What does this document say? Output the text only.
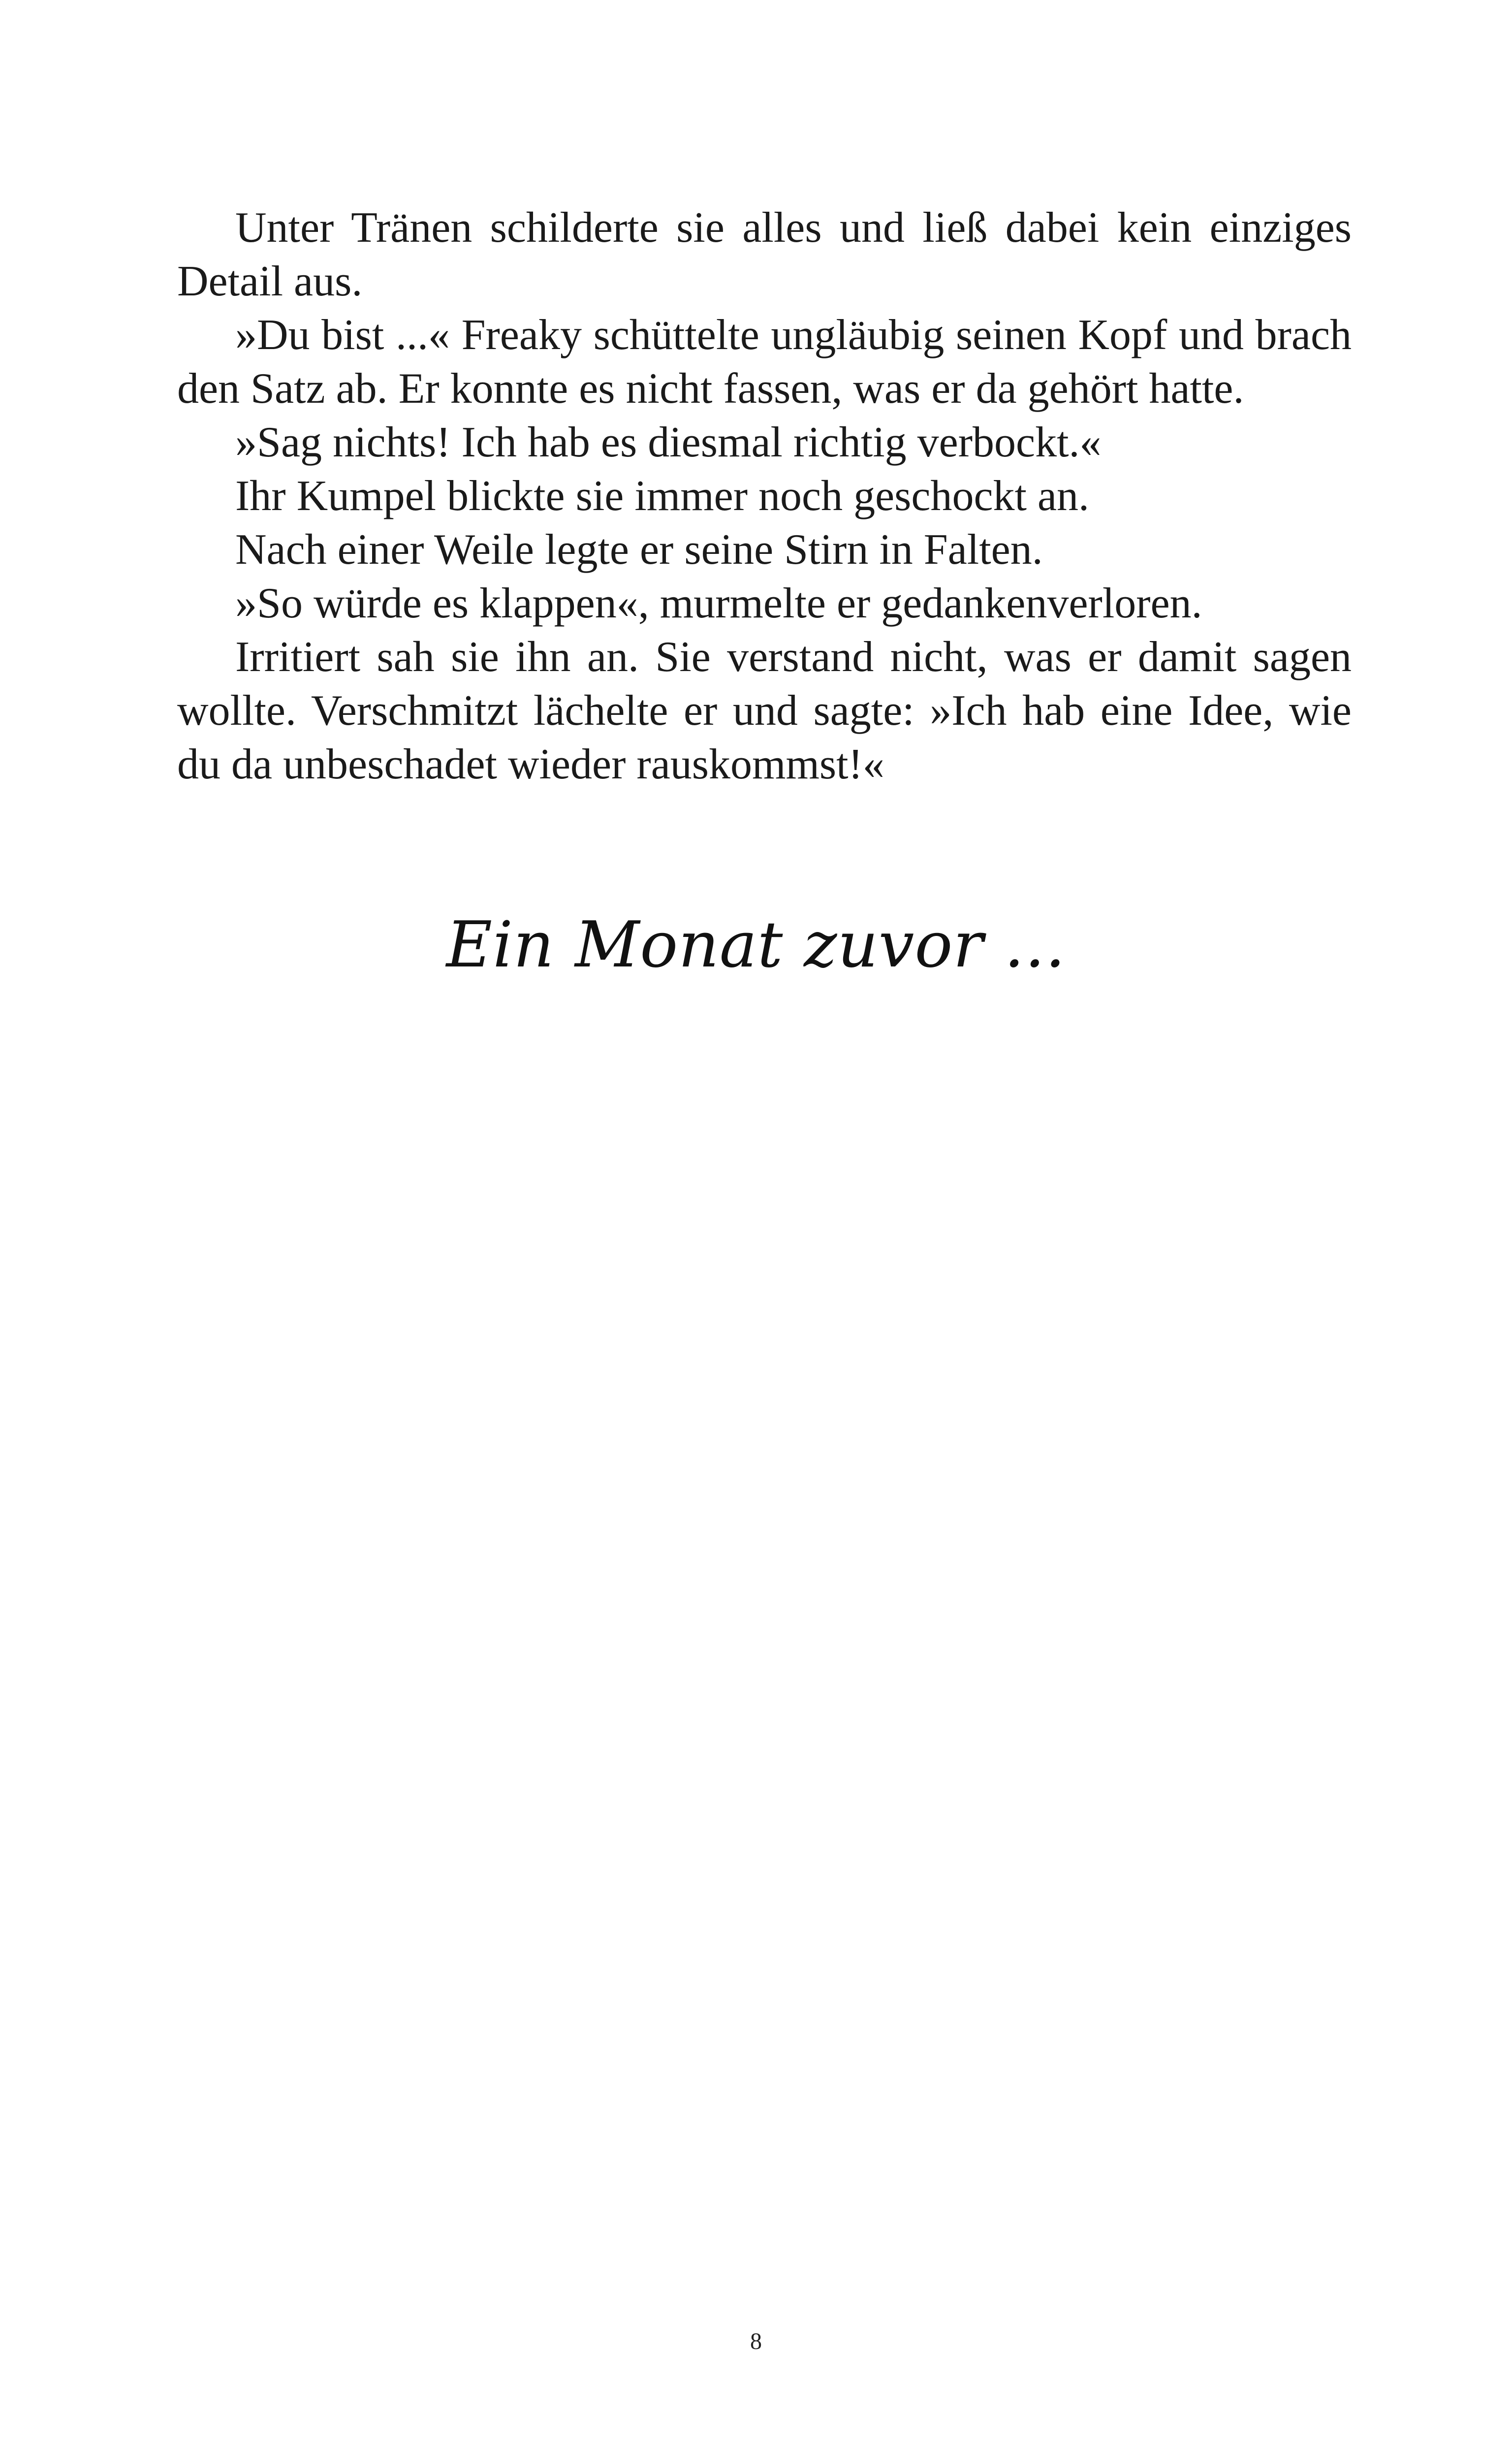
Unter Tränen schilderte sie alles und ließ dabei kein einziges Detail aus.

»Du bist ...« Freaky schüttelte ungläubig seinen Kopf und brach den Satz ab. Er konnte es nicht fassen, was er da gehört hatte.

»Sag nichts! Ich hab es diesmal richtig verbockt.«

Ihr Kumpel blickte sie immer noch geschockt an.

Nach einer Weile legte er seine Stirn in Falten.

»So würde es klappen«, murmelte er gedankenverloren.

Irritiert sah sie ihn an. Sie verstand nicht, was er damit sagen wollte. Verschmitzt lächelte er und sagte: »Ich hab eine Idee, wie du da unbeschadet wieder rauskommst!«

Ein Monat zuvor ...
8
